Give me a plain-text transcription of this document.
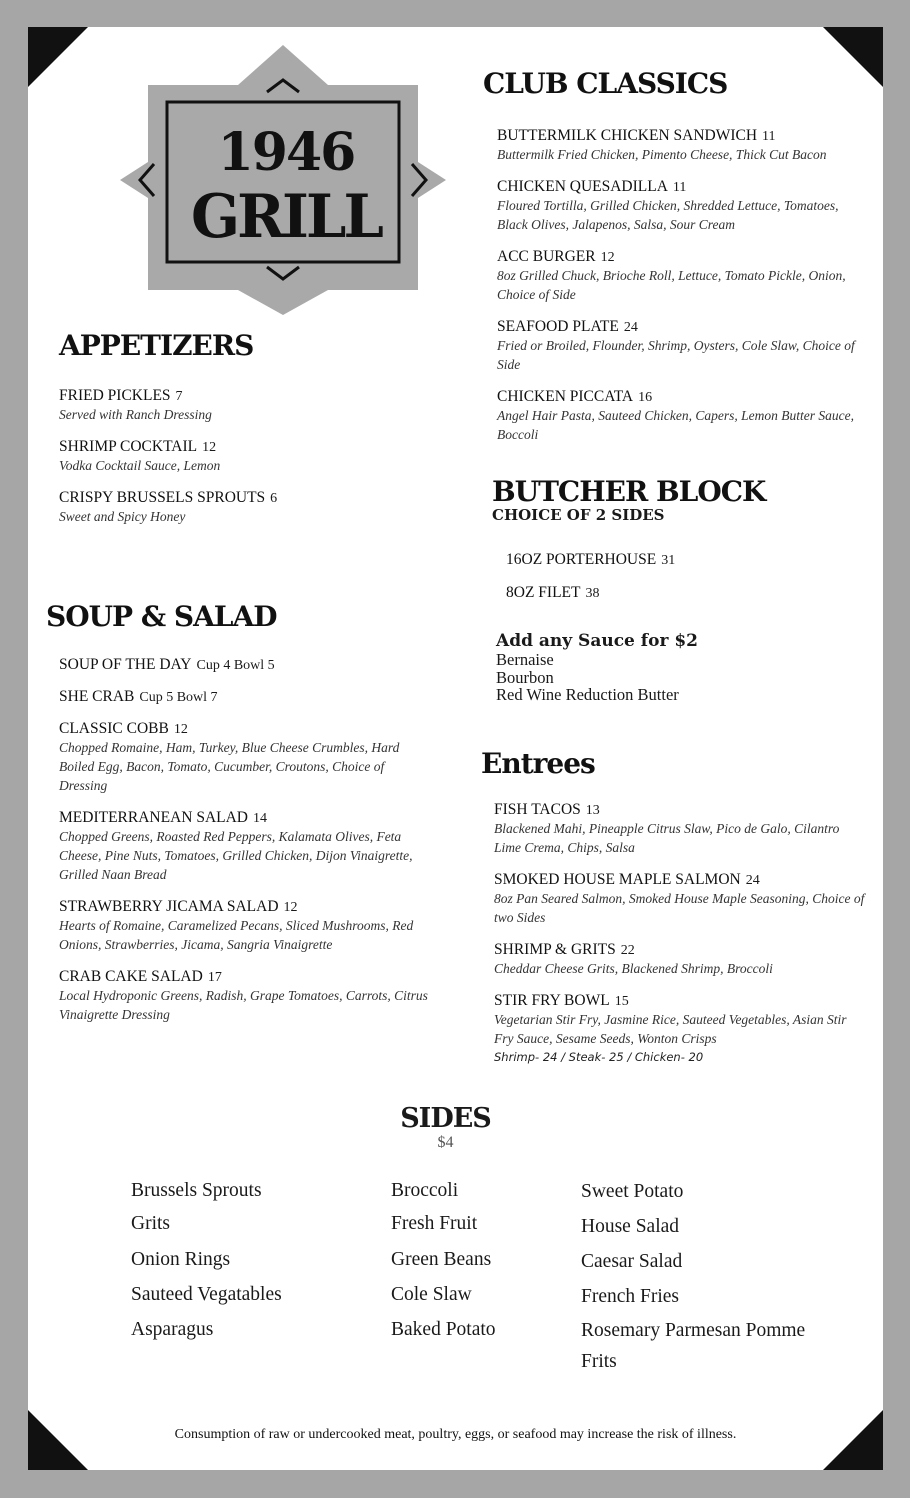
1946
GRILL
APPETIZERS
FRIED PICKLES 7
Served with Ranch Dressing
SHRIMP COCKTAIL 12
Vodka Cocktail Sauce, Lemon
CRISPY BRUSSELS SPROUTS 6
Sweet and Spicy Honey
SOUP & SALAD
SOUP OF THE DAY Cup 4 Bowl 5
SHE CRAB Cup 5 Bowl 7
CLASSIC COBB 12
Chopped Romaine, Ham, Turkey, Blue Cheese Crumbles, Hard Boiled Egg, Bacon, Tomato, Cucumber, Croutons, Choice of Dressing
MEDITERRANEAN SALAD 14
Chopped Greens, Roasted Red Peppers, Kalamata Olives, Feta Cheese, Pine Nuts, Tomatoes, Grilled Chicken, Dijon Vinaigrette, Grilled Naan Bread
STRAWBERRY JICAMA SALAD 12
Hearts of Romaine, Caramelized Pecans, Sliced Mushrooms, Red Onions, Strawberries, Jicama, Sangria Vinaigrette
CRAB CAKE SALAD 17
Local Hydroponic Greens, Radish, Grape Tomatoes, Carrots, Citrus Vinaigrette Dressing
CLUB CLASSICS
BUTTERMILK CHICKEN SANDWICH 11
Buttermilk Fried Chicken, Pimento Cheese, Thick Cut Bacon
CHICKEN QUESADILLA 11
Floured Tortilla, Grilled Chicken, Shredded Lettuce, Tomatoes, Black Olives, Jalapenos, Salsa, Sour Cream
ACC BURGER 12
8oz Grilled Chuck, Brioche Roll, Lettuce, Tomato Pickle, Onion, Choice of Side
SEAFOOD PLATE 24
Fried or Broiled, Flounder, Shrimp, Oysters, Cole Slaw, Choice of Side
CHICKEN PICCATA 16
Angel Hair Pasta, Sauteed Chicken, Capers, Lemon Butter Sauce, Boccoli
BUTCHER BLOCK
CHOICE OF 2 SIDES
16OZ PORTERHOUSE 31
8OZ FILET 38
Add any Sauce for $2
Bernaise
Bourbon
Red Wine Reduction Butter
Entrees
FISH TACOS 13
Blackened Mahi, Pineapple Citrus Slaw, Pico de Galo, Cilantro Lime Crema, Chips, Salsa
SMOKED HOUSE MAPLE SALMON 24
8oz Pan Seared Salmon, Smoked House Maple Seasoning, Choice of two Sides
SHRIMP & GRITS 22
Cheddar Cheese Grits, Blackened Shrimp, Broccoli
STIR FRY BOWL 15
Vegetarian Stir Fry, Jasmine Rice, Sauteed Vegetables, Asian Stir Fry Sauce, Sesame Seeds, Wonton Crisps
Shrimp- 24 / Steak- 25 / Chicken- 20
SIDES
$4
Brussels Sprouts
Grits
Onion Rings
Sauteed Vegatables
Asparagus
Broccoli
Fresh Fruit
Green Beans
Cole Slaw
Baked Potato
Sweet Potato
House Salad
Caesar Salad
French Fries
Rosemary Parmesan Pomme
Frits
Consumption of raw or undercooked meat, poultry, eggs, or seafood may increase the risk of illness.
